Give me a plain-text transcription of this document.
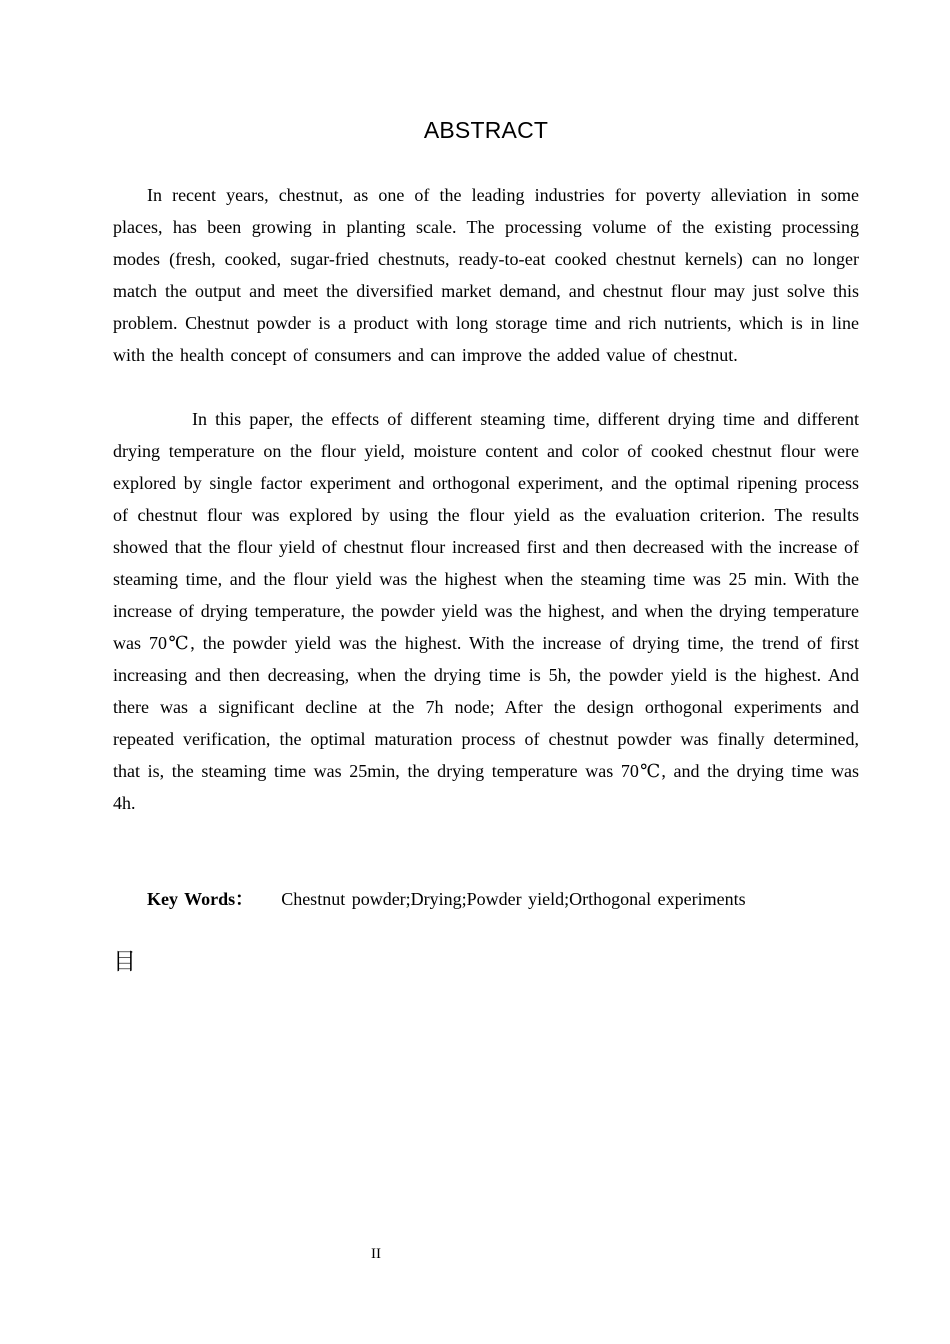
ABSTRACT

In recent years, chestnut, as one of the leading industries for poverty alleviation in some places, has been growing in planting scale. The processing volume of the existing processing modes (fresh, cooked, sugar-fried chestnuts, ready-to-eat cooked chestnut kernels) can no longer match the output and meet the diversified market demand, and chestnut flour may just solve this problem. Chestnut powder is a product with long storage time and rich nutrients, which is in line with the health concept of consumers and can improve the added value of chestnut.

In this paper, the effects of different steaming time, different drying time and different drying temperature on the flour yield, moisture content and color of cooked chestnut flour were explored by single factor experiment and orthogonal experiment, and the optimal ripening process of chestnut flour was explored by using the flour yield as the evaluation criterion. The results showed that the flour yield of chestnut flour increased first and then decreased with the increase of steaming time, and the flour yield was the highest when the steaming time was 25 min. With the increase of drying temperature, the powder yield was the highest, and when the drying temperature was 70℃, the powder yield was the highest. With the increase of drying time, the trend of first increasing and then decreasing, when the drying time is 5h, the powder yield is the highest. And there was a significant decline at the 7h node; After the design orthogonal experiments and repeated verification, the optimal maturation process of chestnut powder was finally determined, that is, the steaming time was 25min, the drying temperature was 70℃, and the drying time was 4h.

Key Words： Chestnut powder;Drying;Powder yield;Orthogonal experiments
目
II
